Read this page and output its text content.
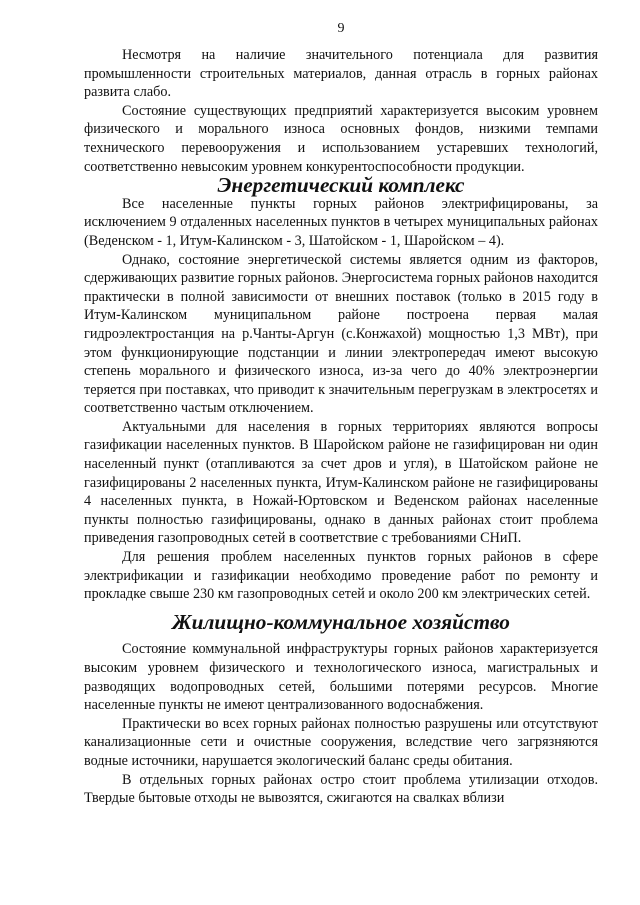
9

Несмотря на наличие значительного потенциала для развития промышленности строительных материалов, данная отрасль в горных районах развита слабо.

Состояние существующих предприятий характеризуется высоким уровнем физического и морального износа основных фондов, низкими темпами технического перевооружения и использованием устаревших технологий, соответственно невысоким уровнем конкурентоспособности продукции.

Энергетический комплекс

Все населенные пункты горных районов электрифицированы, за исключением 9 отдаленных населенных пунктов в четырех муниципальных районах (Веденском - 1, Итум-Калинском - 3, Шатойском - 1, Шаройском – 4).

Однако, состояние энергетической системы является одним из факторов, сдерживающих развитие горных районов. Энергосистема горных районов находится практически в полной зависимости от внешних поставок (только в 2015 году в Итум-Калинском муниципальном районе построена первая малая гидроэлектростанция на р.Чанты-Аргун (с.Конжахой) мощностью 1,3 МВт), при этом функционирующие подстанции и линии электропередач имеют высокую степень морального и физического износа, из-за чего до 40% электроэнергии теряется при поставках, что приводит к значительным перегрузкам в электросетях и соответственно частым отключением.

Актуальными для населения в горных территориях являются вопросы газификации населенных пунктов. В Шаройском районе не газифицирован ни один населенный пункт (отапливаются за счет дров и угля), в Шатойском районе не газифицированы 2 населенных пункта, Итум-Калинском районе не газифицированы 4 населенных пункта, в Ножай-Юртовском и Веденском районах населенные пункты полностью газифицированы, однако в данных районах стоит проблема приведения газопроводных сетей в соответствие с требованиями СНиП.

Для решения проблем населенных пунктов горных районов в сфере электрификации и газификации необходимо проведение работ по ремонту и прокладке свыше 230 км газопроводных сетей и около 200 км электрических сетей.

Жилищно-коммунальное хозяйство

Состояние коммунальной инфраструктуры горных районов характеризуется высоким уровнем физического и технологического износа, магистральных и разводящих водопроводных сетей, большими потерями ресурсов. Многие населенные пункты не имеют централизованного водоснабжения.

Практически во всех горных районах полностью разрушены или отсутствуют канализационные сети и очистные сооружения, вследствие чего загрязняются водные источники, нарушается экологический баланс среды обитания.

В отдельных горных районах остро стоит проблема утилизации отходов. Твердые бытовые отходы не вывозятся, сжигаются на свалках вблизи
